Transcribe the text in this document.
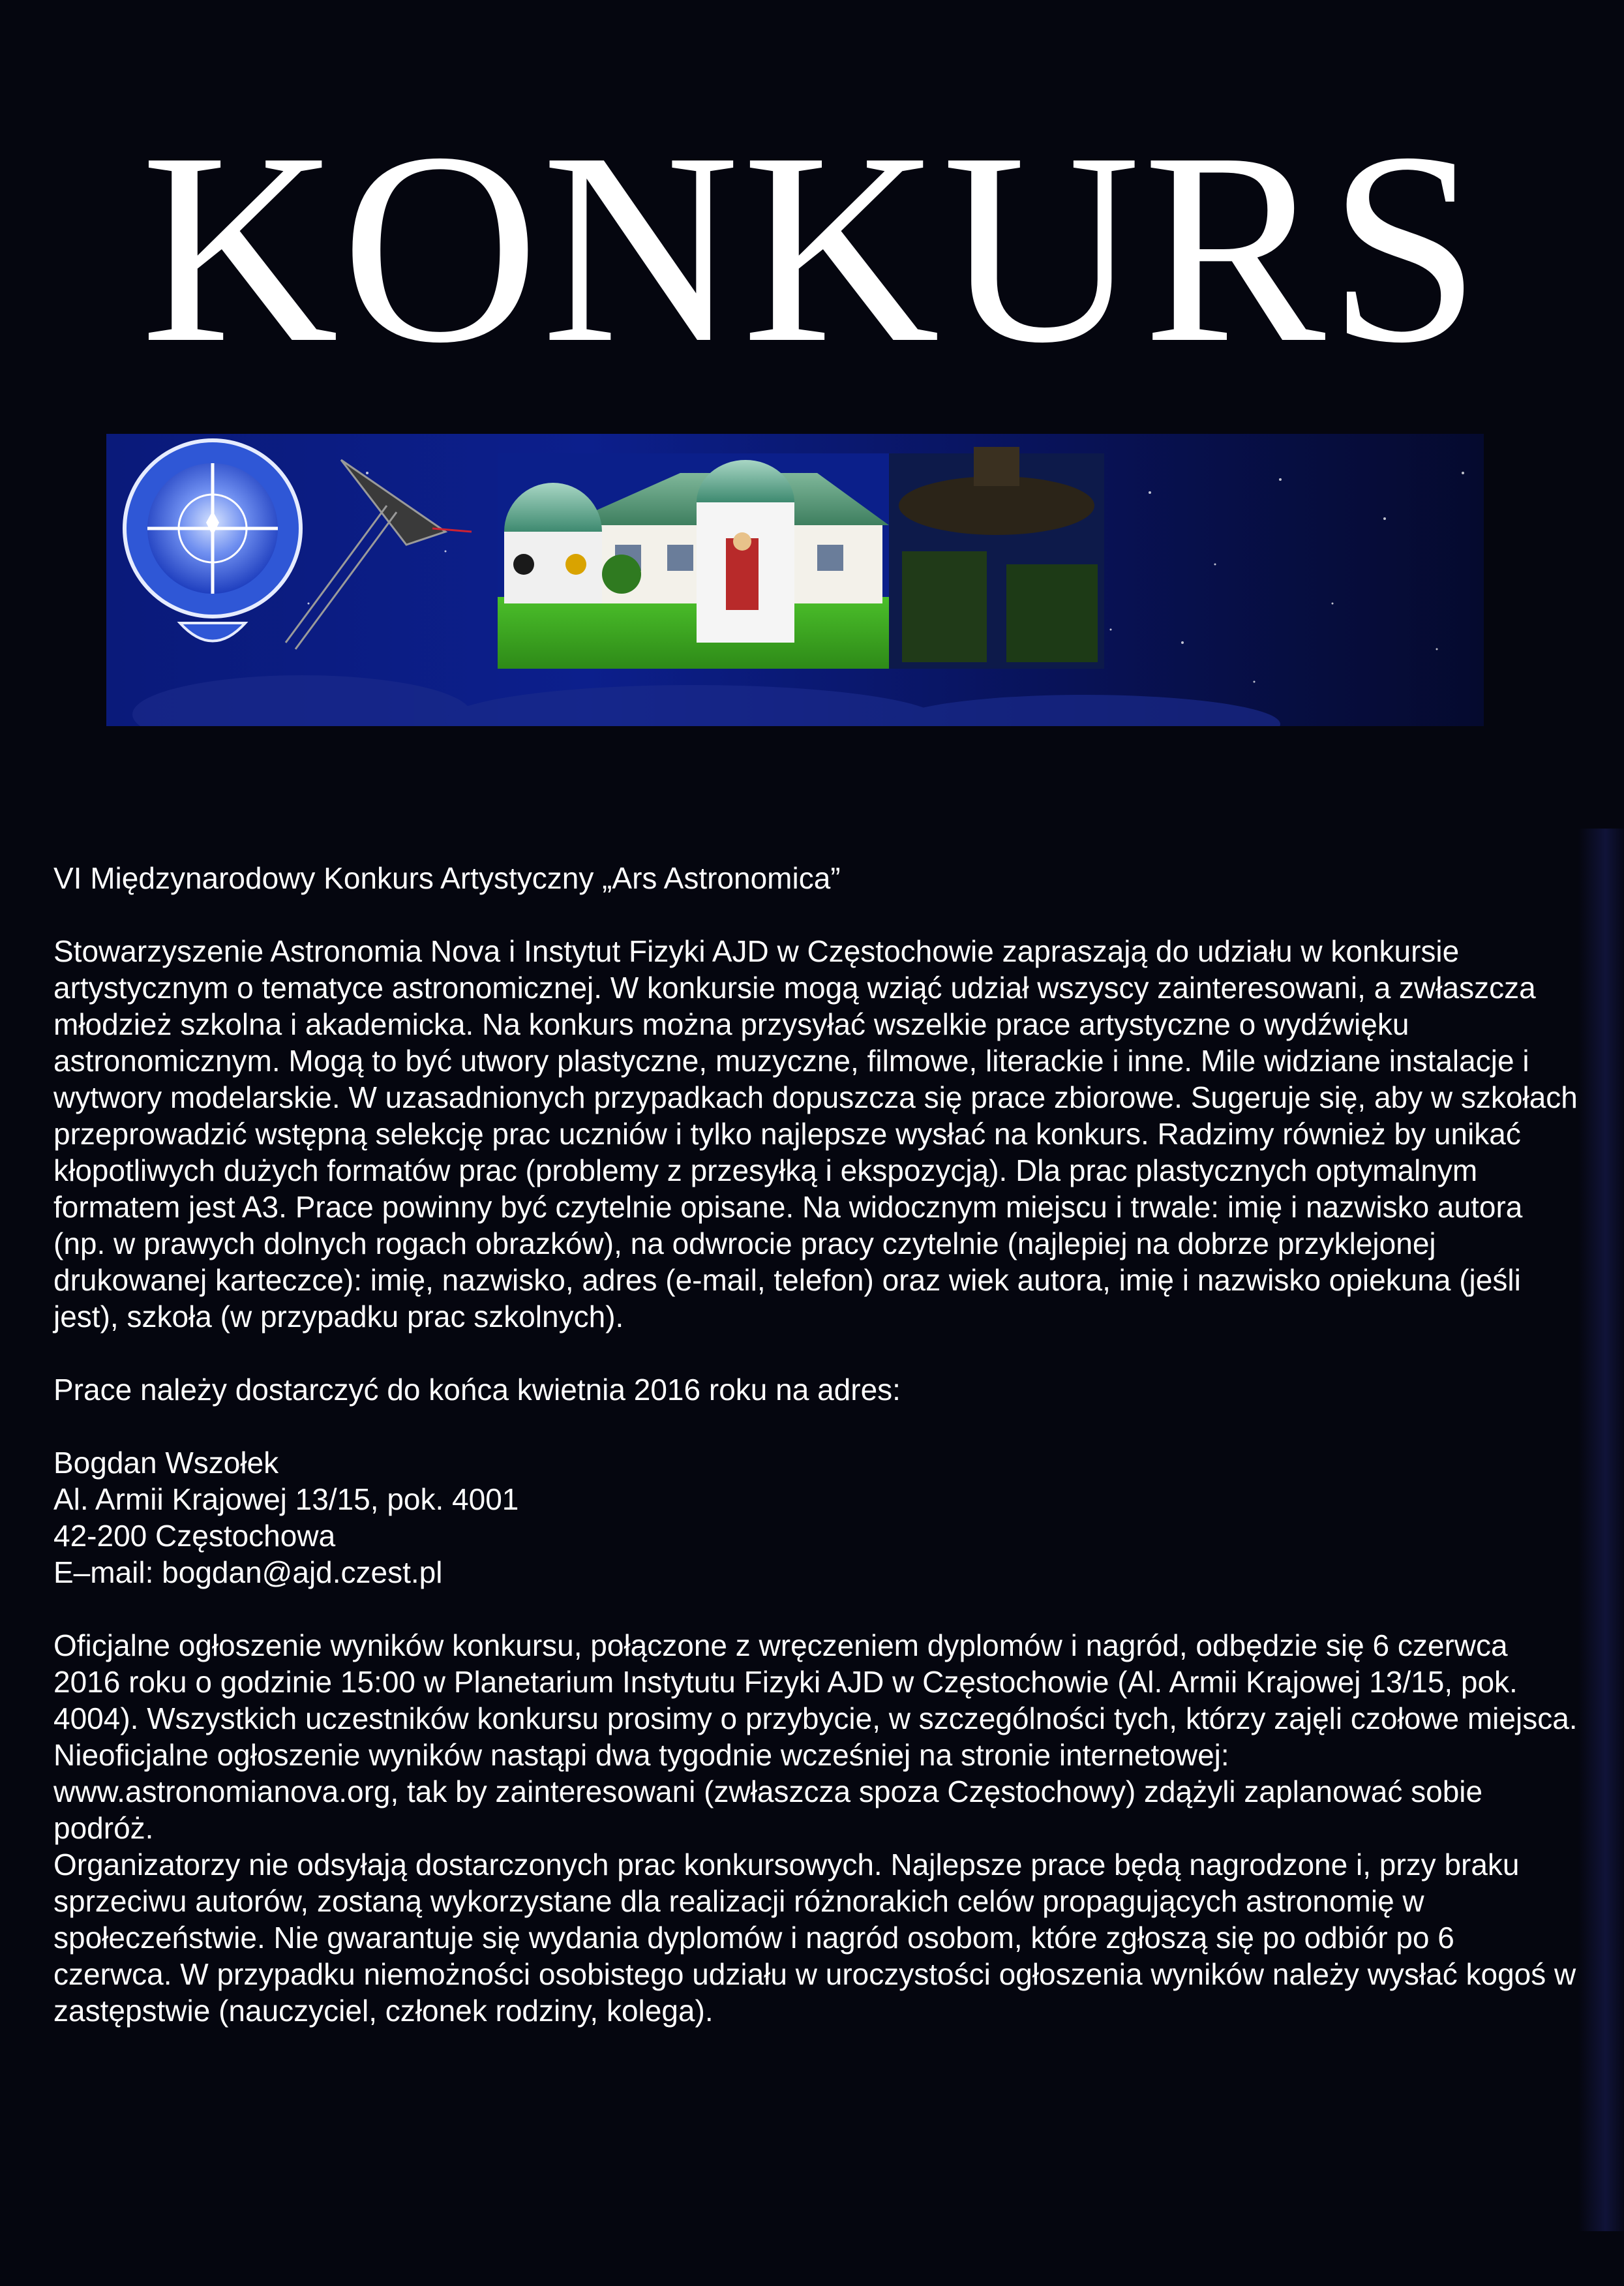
KONKURS

VI Międzynarodowy Konkurs Artystyczny „Ars Astronomica”

Stowarzyszenie Astronomia Nova i Instytut Fizyki AJD w Częstochowie zapraszają do udziału w konkursie artystycznym o tematyce astronomicznej. W konkursie mogą wziąć udział wszyscy zainteresowani, a zwłaszcza młodzież szkolna i akademicka. Na konkurs można przysyłać wszelkie prace artystyczne o wydźwięku astronomicznym. Mogą to być utwory plastyczne, muzyczne, filmowe, literackie i inne. Mile widziane instalacje i wytwory modelarskie. W uzasadnionych przypadkach dopuszcza się prace zbiorowe. Sugeruje się, aby w szkołach przeprowadzić wstępną selekcję prac uczniów i tylko najlepsze wysłać na konkurs. Radzimy również by unikać kłopotliwych dużych formatów prac (problemy z przesyłką i ekspozycją). Dla prac plastycznych optymalnym formatem jest A3. Prace powinny być czytelnie opisane. Na widocznym miejscu i trwale: imię i nazwisko autora (np. w prawych dolnych rogach obrazków), na odwrocie pracy czytelnie (najlepiej na dobrze przyklejonej drukowanej karteczce): imię, nazwisko, adres (e-mail, telefon) oraz wiek autora, imię i nazwisko opiekuna (jeśli jest), szkoła (w przypadku prac szkolnych).

Prace należy dostarczyć do końca kwietnia 2016 roku na adres:

Bogdan Wszołek

Al. Armii Krajowej 13/15, pok. 4001

42-200 Częstochowa

E–mail: bogdan@ajd.czest.pl

Oficjalne ogłoszenie wyników konkursu, połączone z wręczeniem dyplomów i nagród, odbędzie się 6 czerwca 2016 roku o godzinie 15:00 w Planetarium Instytutu Fizyki AJD w Częstochowie (Al. Armii Krajowej 13/15, pok. 4004). Wszystkich uczestników konkursu prosimy o przybycie, w szczególności tych, którzy zajęli czołowe miejsca. Nieoficjalne ogłoszenie wyników nastąpi dwa tygodnie wcześniej na stronie internetowej: www.astronomianova.org, tak by zainteresowani (zwłaszcza spoza Częstochowy) zdążyli zaplanować sobie podróż.

Organizatorzy nie odsyłają dostarczonych prac konkursowych. Najlepsze prace będą nagrodzone i, przy braku sprzeciwu autorów, zostaną wykorzystane dla realizacji różnorakich celów propagujących astronomię w społeczeństwie. Nie gwarantuje się wydania dyplomów i nagród osobom, które zgłoszą się po odbiór po 6 czerwca. W przypadku niemożności osobistego udziału w uroczystości ogłoszenia wyników należy wysłać kogoś w zastępstwie (nauczyciel, członek rodziny, kolega).
